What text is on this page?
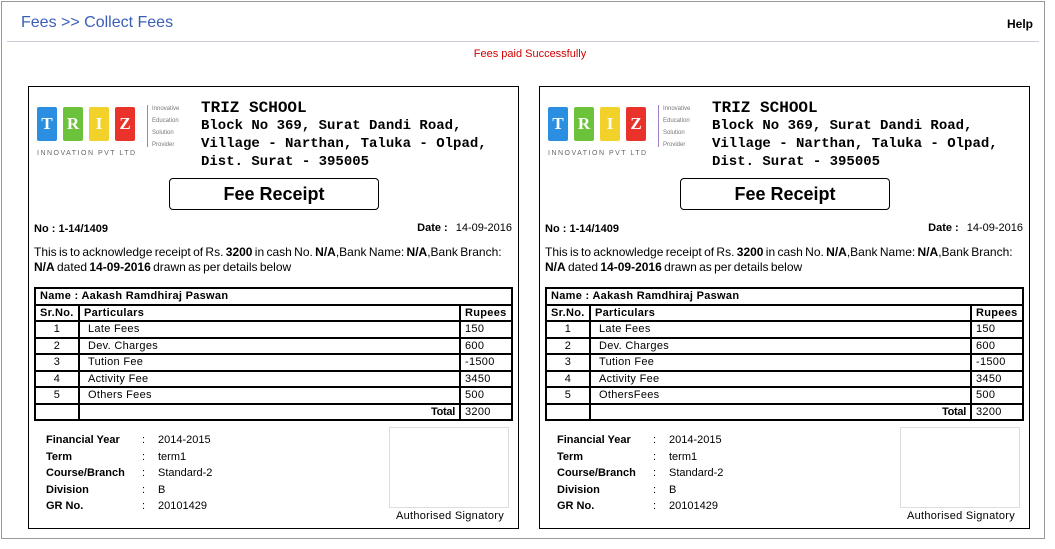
Fees >> Collect Fees	Help
Fees paid Successfully
T R I	Z
Innovative
Education
Solution
Provider
INNOVATION PVT LTD
TRIZ SCHOOL
Block No 369, Surat Dandi Road,
Village - Narthan, Taluka - Olpad,
Dist. Surat - 395005
Fee Receipt
No : 1-14/1409	Date : 14-09-2016
This is to acknowledge receipt of Rs. 3200 in cash No. N/A,Bank Name: N/A,Bank Branch: N/A dated 14-09-2016 drawn as per details below
Name : Aakash Ramdhiraj Paswan		
Sr.No.	Particulars	Rupees
1	Late Fees	150
2	Dev. Charges	600
3	Tution Fee	-1500
4	Activity Fee	3450
5	Others Fees	500
	Total	3200
Financial Year	:	2014-2015
Term	:	term1
Course/Branch	:	Standard-2
Division	:	B
GR No.	:	20101429
Authorised Signatory
T R I	Z
Innovative
Education
Solution
Provider
INNOVATION PVT LTD
TRIZ SCHOOL
Block No 369, Surat Dandi Road,
Village - Narthan, Taluka - Olpad,
Dist. Surat - 395005
Fee Receipt
No : 1-14/1409	Date : 14-09-2016
This is to acknowledge receipt of Rs. 3200 in cash No. N/A,Bank Name: N/A,Bank Branch: N/A dated 14-09-2016 drawn as per details below
Name : Aakash Ramdhiraj Paswan		
Sr.No.	Particulars	Rupees
1	Late Fees	150
2	Dev. Charges	600
3	Tution Fee	-1500
4	Activity Fee	3450
5	OthersFees	500
	Total	3200
Financial Year	:	2014-2015
Term	:	term1
Course/Branch	:	Standard-2
Division	:	B
GR No.	:	20101429
Authorised Signatory
